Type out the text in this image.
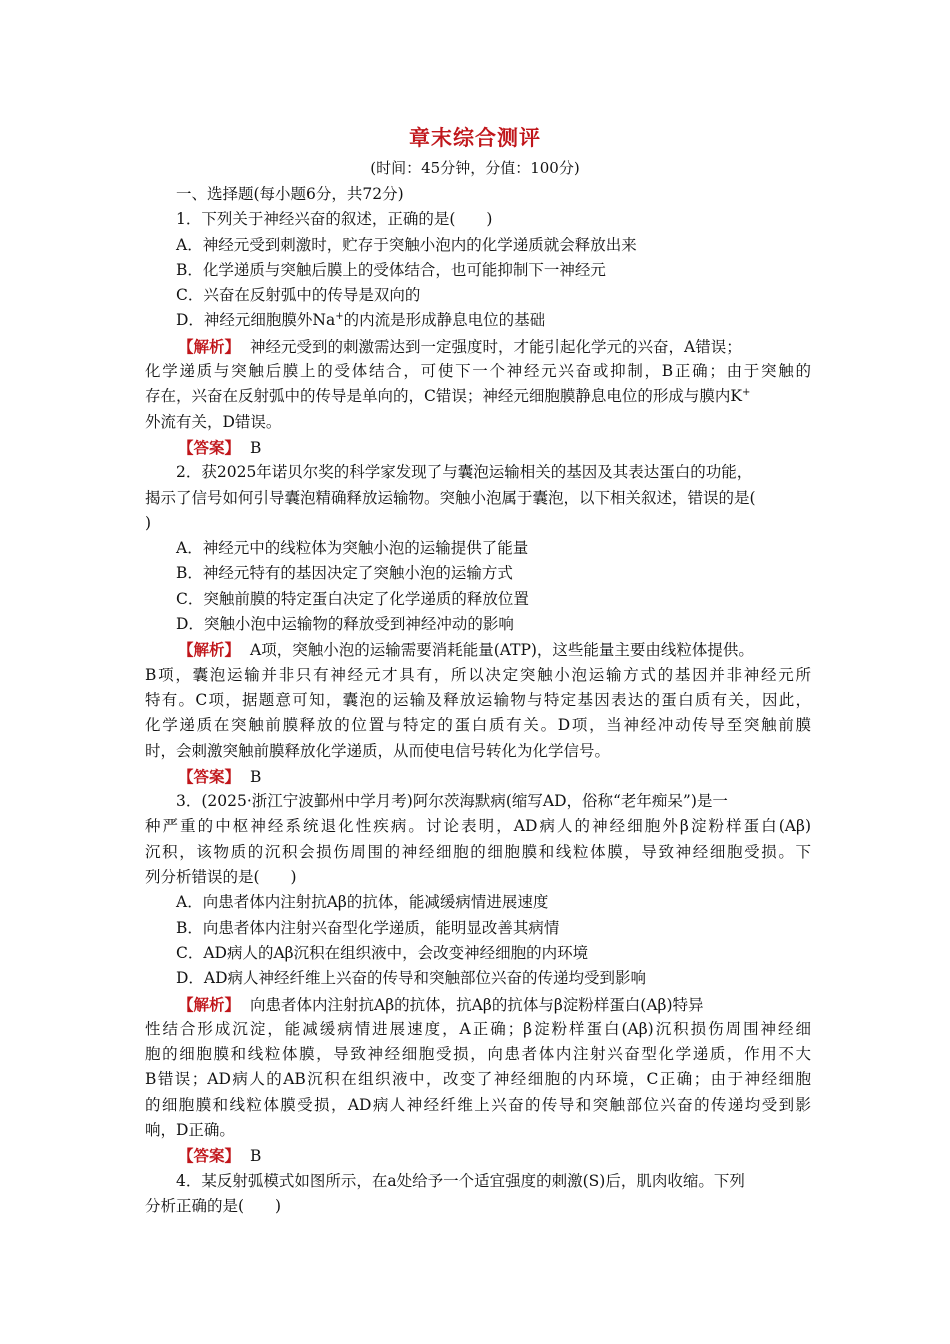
章末综合测评
(时间：45分钟，分值：100分)
一、选择题(每小题6分，共72分)
1．下列关于神经兴奋的叙述，正确的是(　　)
A．神经元受到刺激时，贮存于突触小泡内的化学递质就会释放出来
B．化学递质与突触后膜上的受体结合，也可能抑制下一神经元
C．兴奋在反射弧中的传导是双向的
D．神经元细胞膜外Na+的内流是形成静息电位的基础
【解析】 神经元受到的刺激需达到一定强度时，才能引起化学元的兴奋，A错误；
化学递质与突触后膜上的受体结合，可使下一个神经元兴奋或抑制，B正确；由于突触的
存在，兴奋在反射弧中的传导是单向的，C错误；神经元细胞膜静息电位的形成与膜内K+
外流有关，D错误。
【答案】 B
2．获2025年诺贝尔奖的科学家发现了与囊泡运输相关的基因及其表达蛋白的功能，
揭示了信号如何引导囊泡精确释放运输物。突触小泡属于囊泡，以下相关叙述，错误的是(
)
A．神经元中的线粒体为突触小泡的运输提供了能量
B．神经元特有的基因决定了突触小泡的运输方式
C．突触前膜的特定蛋白决定了化学递质的释放位置
D．突触小泡中运输物的释放受到神经冲动的影响
【解析】 A项，突触小泡的运输需要消耗能量(ATP)，这些能量主要由线粒体提供。
B项，囊泡运输并非只有神经元才具有，所以决定突触小泡运输方式的基因并非神经元所
特有。C项，据题意可知，囊泡的运输及释放运输物与特定基因表达的蛋白质有关，因此，
化学递质在突触前膜释放的位置与特定的蛋白质有关。D项，当神经冲动传导至突触前膜
时，会刺激突触前膜释放化学递质，从而使电信号转化为化学信号。
【答案】 B
3．(2025·浙江宁波鄞州中学月考)阿尔茨海默病(缩写AD，俗称“老年痴呆”)是一
种严重的中枢神经系统退化性疾病。讨论表明，AD病人的神经细胞外β淀粉样蛋白(Aβ)
沉积，该物质的沉积会损伤周围的神经细胞的细胞膜和线粒体膜，导致神经细胞受损。下
列分析错误的是(　　)
A．向患者体内注射抗Aβ的抗体，能减缓病情进展速度
B．向患者体内注射兴奋型化学递质，能明显改善其病情
C．AD病人的Aβ沉积在组织液中，会改变神经细胞的内环境
D．AD病人神经纤维上兴奋的传导和突触部位兴奋的传递均受到影响
【解析】 向患者体内注射抗Aβ的抗体，抗Aβ的抗体与β淀粉样蛋白(Aβ)特异
性结合形成沉淀，能减缓病情进展速度，A正确；β淀粉样蛋白(Aβ)沉积损伤周围神经细
胞的细胞膜和线粒体膜，导致神经细胞受损，向患者体内注射兴奋型化学递质，作用不大
B错误；AD病人的AB沉积在组织液中，改变了神经细胞的内环境，C正确；由于神经细胞
的细胞膜和线粒体膜受损，AD病人神经纤维上兴奋的传导和突触部位兴奋的传递均受到影
响，D正确。
【答案】 B
4．某反射弧模式如图所示，在a处给予一个适宜强度的刺激(S)后，肌肉收缩。下列
分析正确的是(　　)
